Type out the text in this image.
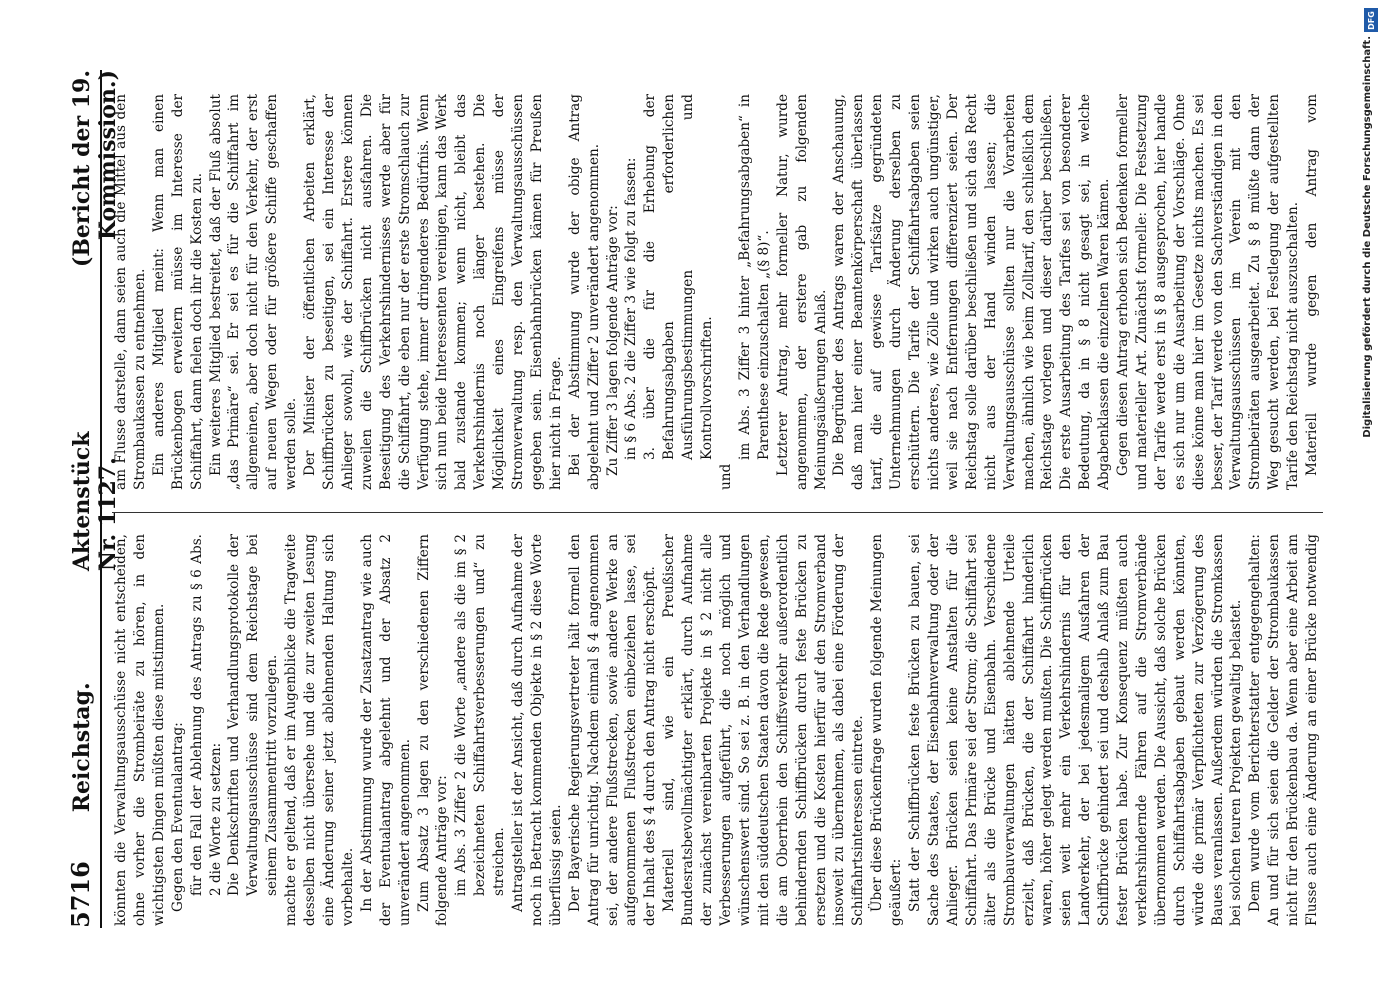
5716
Reichstag.
Aktenstück Nr. 1127.
(Bericht der 19. Kommission.)

könnten die Verwaltungsausschüsse nicht entscheiden, ohne vorher die Strombeiräte zu hören, in den wichtigsten Dingen müßten diese mitstimmen. Gegen den Eventualantrag: für den Fall der Ablehnung des Antrags zu § 6 Abs. 2 die Worte zu setzen: Die Denkschriften und Verhandlungsprotokolle der Verwaltungsausschüsse sind dem Reichstage bei seinem Zusammentritt vorzulegen. machte er geltend, daß er im Augenblicke die Tragweite desselben nicht übersehe und die zur zweiten Lesung eine Änderung seiner jetzt ablehnenden Haltung sich vorbehalte. In der Abstimmung wurde der Zusatzantrag wie auch der Eventualantrag abgelehnt und der Absatz 2 unverändert angenommen. Zum Absatz 3 lagen zu den verschiedenen Ziffern folgende Anträge vor: im Abs. 3 Ziffer 2 die Worte „andere als die im § 2 bezeichneten Schiffahrtsverbesserungen und“ zu streichen. Antragsteller ist der Ansicht, daß durch Aufnahme der noch in Betracht kommenden Objekte in § 2 diese Worte überflüssig seien. Der Bayerische Regierungsvertreter hält formell den Antrag für unrichtig. Nachdem einmal § 4 angenommen sei, der andere Flußstrecken, sowie andere Werke an aufgenommenen Flußstrecken einbeziehen lasse, sei der Inhalt des § 4 durch den Antrag nicht erschöpft. Materiell sind, wie ein Preußischer Bundesratsbevollmächtigter erklärt, durch Aufnahme der zunächst vereinbarten Projekte in § 2 nicht alle Verbesserungen aufgeführt, die noch möglich und wünschenswert sind. So sei z. B. in den Verhandlungen mit den süddeutschen Staaten davon die Rede gewesen, die am Oberrhein den Schiffsverkehr außerordentlich behindernden Schiffbrücken durch feste Brücken zu ersetzen und die Kosten hierfür auf den Stromverband insoweit zu übernehmen, als dabei eine Förderung der Schiffahrtsinteressen eintrete. Über diese Brückenfrage wurden folgende Meinungen geäußert: Statt der Schiffbrücken feste Brücken zu bauen, sei Sache des Staates, der Eisenbahnverwaltung oder der Anlieger. Brücken seien keine Anstalten für die Schiffahrt. Das Primäre sei der Strom; die Schiffahrt sei älter als die Brücke und Eisenbahn. Verschiedene Strombauverwaltungen hätten ablehnende Urteile erzielt, daß Brücken, die der Schiffahrt hinderlich waren, höher gelegt werden mußten. Die Schiffbrücken seien weit mehr ein Verkehrshindernis für den Landverkehr, der bei jedesmaligem Ausfahren der Schiffbrücke gehindert sei und deshalb Anlaß zum Bau fester Brücken habe. Zur Konsequenz müßten auch verkehrshindernde Fähren auf die Stromverbände übernommen werden. Die Aussicht, daß solche Brücken durch Schiffahrtsabgaben gebaut werden könnten, würde die primär Verpflichteten zur Verzögerung des Baues veranlassen. Außerdem würden die Stromkassen bei solchen teuren Projekten gewaltig belastet. Dem wurde vom Berichterstatter entgegengehalten: An und für sich seien die Gelder der Strombaukassen nicht für den Brückenbau da. Wenn aber eine Arbeit am Flusse auch eine Änderung an einer Brücke notwendig

am Flusse darstelle, dann seien auch die Mittel aus den Strombaukassen zu entnehmen. Ein anderes Mitglied meint: Wenn man einen Brückenbogen erweitern müsse im Interesse der Schiffahrt, dann fielen doch ihr die Kosten zu. Ein weiteres Mitglied bestreitet, daß der Fluß absolut „das Primäre“ sei. Er sei es für die Schiffahrt im allgemeinen, aber doch nicht für den Verkehr, der erst auf neuen Wegen oder für größere Schiffe geschaffen werden solle. Der Minister der öffentlichen Arbeiten erklärt, Schiffbrücken zu beseitigen, sei ein Interesse der Anlieger sowohl, wie der Schiffahrt. Erstere können zuweilen die Schiffbrücken nicht ausfahren. Die Beseitigung des Verkehrshindernisses werde aber für die Schiffahrt, die eben nur der erste Stromschlauch zur Verfügung stehe, immer dringenderes Bedürfnis. Wenn sich nun beide Interessenten vereinigen, kann das Werk bald zustande kommen; wenn nicht, bleibt das Verkehrshindernis noch länger bestehen. Die Möglichkeit eines Eingreifens müsse der Stromverwaltung resp. den Verwaltungsausschüssen gegeben sein. Eisenbahnbrücken kämen für Preußen hier nicht in Frage. Bei der Abstimmung wurde der obige Antrag abgelehnt und Ziffer 2 unverändert angenommen. Zu Ziffer 3 lagen folgende Anträge vor: in § 6 Abs. 2 die Ziffer 3 wie folgt zu fassen: 3. über die für die Erhebung der Befahrungsabgaben erforderlichen Ausführungsbestimmungen und Kontrollvorschriften.

und

im Abs. 3 Ziffer 3 hinter „Befahrungsabgaben“ in Parenthese einzuschalten „(§ 8)“. Letzterer Antrag, mehr formeller Natur, wurde angenommen, der erstere gab zu folgenden Meinungsäußerungen Anlaß. Die Begründer des Antrags waren der Anschauung, daß man hier einer Beamtenkörperschaft überlassen tarif, die auf gewisse Tarifsätze gegründeten Unternehmungen durch Änderung derselben zu erschüttern. Die Tarife der Schiffahrtsabgaben seien nichts anderes, wie Zölle und wirken auch ungünstiger, weil sie nach Entfernungen differenziert seien. Der Reichstag solle darüber beschließen und sich das Recht nicht aus der Hand winden lassen; die Verwaltungsausschüsse sollten nur die Vorarbeiten machen, ähnlich wie beim Zolltarif, den schließlich dem Reichstage vorlegen und dieser darüber beschließen. Die erste Ausarbeitung des Tarifes sei von besonderer Bedeutung, da in § 8 nicht gesagt sei, in welche Abgabenklassen die einzelnen Waren kämen. Gegen diesen Antrag erhoben sich Bedenken formeller und materieller Art. Zunächst formelle: Die Festsetzung der Tarife werde erst in § 8 ausgesprochen, hier handle es sich nur um die Ausarbeitung der Vorschläge. Ohne diese könne man hier im Gesetze nichts machen. Es sei besser, der Tarif werde von den Sachverständigen in den Verwaltungsausschüssen im Verein mit den Strombeiräten ausgearbeitet. Zu § 8 müßte dann der Weg gesucht werden, bei Festlegung der aufgestellten Tarife den Reichstag nicht auszuschalten. Materiell wurde gegen den Antrag vom	Digitalisierung gefördert durch die Deutsche Forschungsgemeinschaft.
DFG
